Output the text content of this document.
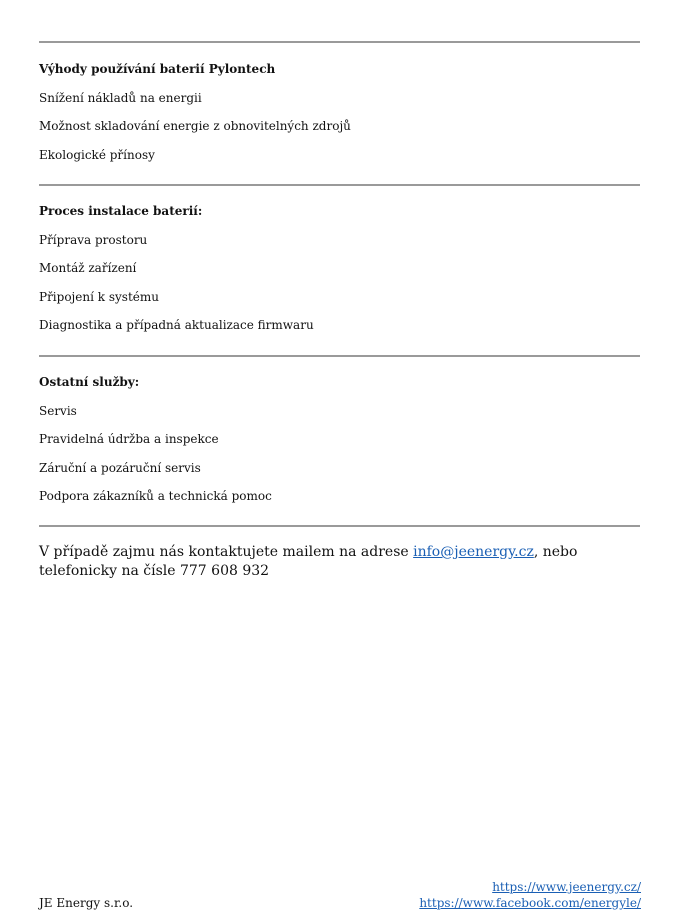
Výhody používání baterií Pylontech
Snížení nákladů na energii
Možnost skladování energie z obnovitelných zdrojů
Ekologické přínosy
Proces instalace baterií:
Příprava prostoru
Montáž zařízení
Připojení k systému
Diagnostika a případná aktualizace firmwaru
Ostatní služby:
Servis
Pravidelná údržba a inspekce
Záruční a pozáruční servis
Podpora zákazníků a technická pomoc
V případě zajmu nás kontaktujete mailem na adrese info@jeenergy.cz, nebo telefonicky na čísle 777 608 932
JE Energy s.r.o.
https://www.jeenergy.cz/
https://www.facebook.com/energyle/
